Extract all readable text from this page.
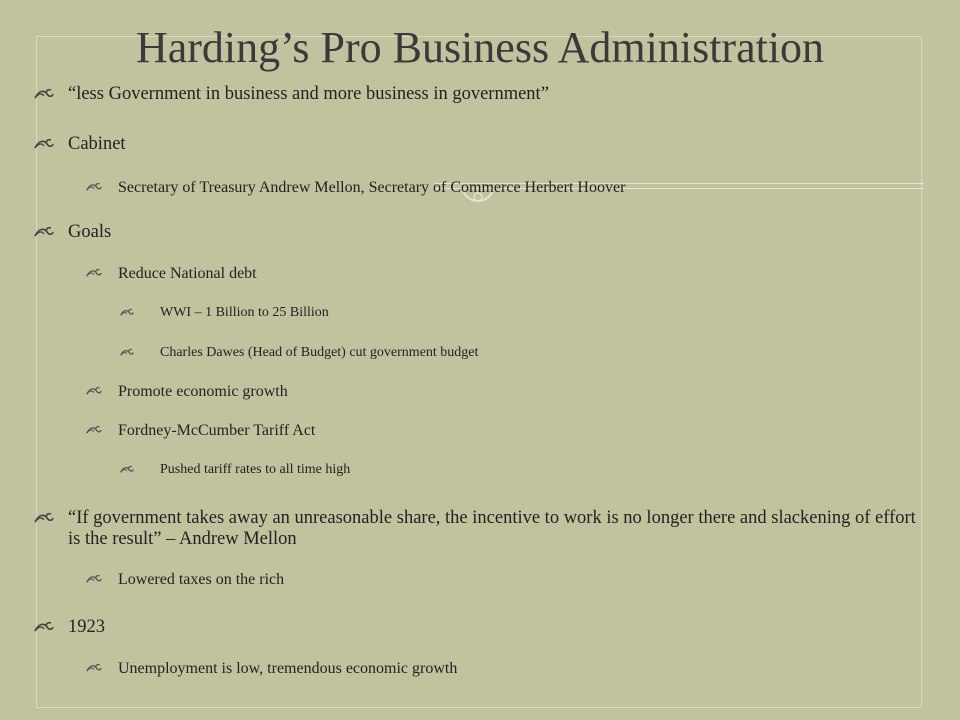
Harding’s Pro Business Administration
“less Government in business and more business in government”
Cabinet
Secretary of Treasury Andrew Mellon, Secretary of Commerce Herbert Hoover
Goals
Reduce National debt
WWI – 1 Billion to 25 Billion
Charles Dawes (Head of Budget) cut government budget
Promote economic growth
Fordney-McCumber Tariff Act
Pushed tariff rates to all time high
“If government takes away an unreasonable share, the incentive to work is no longer there and slackening of effort is the result” – Andrew Mellon
Lowered taxes on the rich
1923
Unemployment is low, tremendous economic growth
